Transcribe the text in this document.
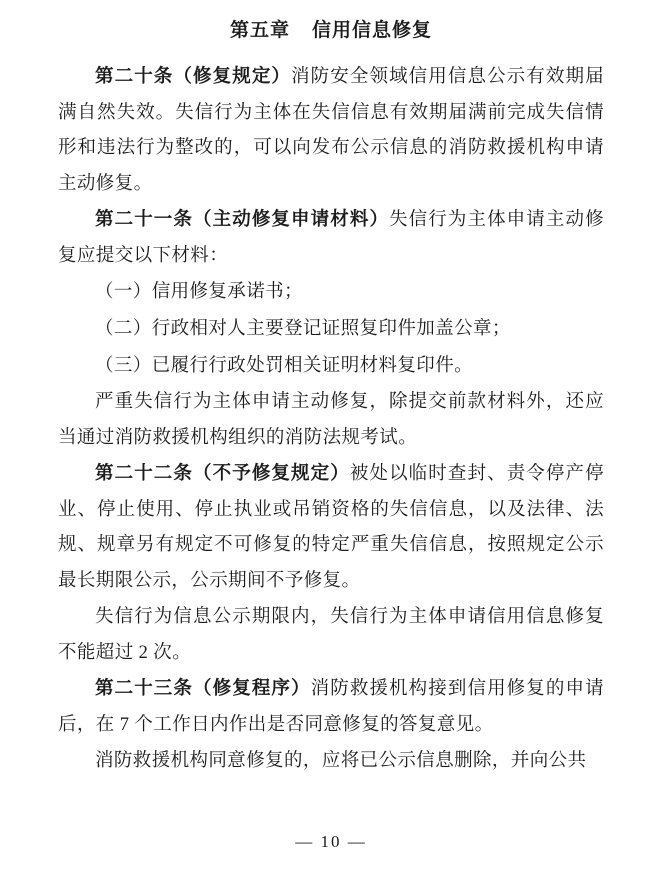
第五章 信用信息修复

第二十条（修复规定）消防安全领域信用信息公示有效期届满自然失效。失信行为主体在失信信息有效期届满前完成失信情形和违法行为整改的，可以向发布公示信息的消防救援机构申请主动修复。

第二十一条（主动修复申请材料）失信行为主体申请主动修复应提交以下材料：

（一）信用修复承诺书；

（二）行政相对人主要登记证照复印件加盖公章；

（三）已履行行政处罚相关证明材料复印件。

严重失信行为主体申请主动修复，除提交前款材料外，还应当通过消防救援机构组织的消防法规考试。

第二十二条（不予修复规定）被处以临时查封、责令停产停业、停止使用、停止执业或吊销资格的失信信息，以及法律、法规、规章另有规定不可修复的特定严重失信信息，按照规定公示最长期限公示，公示期间不予修复。

失信行为信息公示期限内，失信行为主体申请信用信息修复不能超过 2 次。

第二十三条（修复程序）消防救援机构接到信用修复的申请后，在 7 个工作日内作出是否同意修复的答复意见。

消防救援机构同意修复的，应将已公示信息删除，并向公共

— 10 —
